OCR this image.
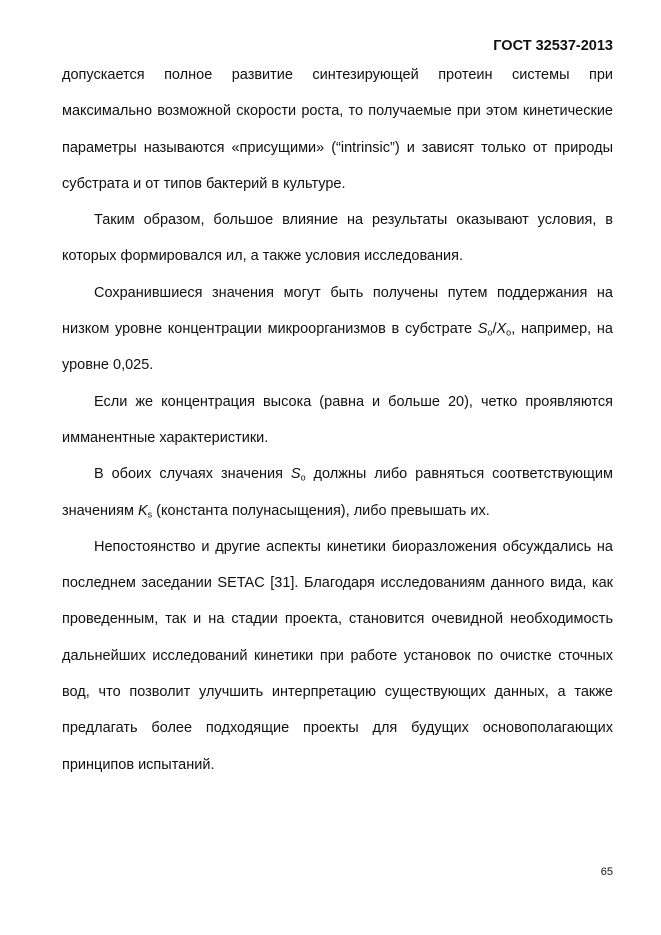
ГОСТ 32537-2013

допускается полное развитие синтезирующей протеин системы при максимально возможной скорости роста, то получаемые при этом кинетические параметры называются «присущими» (“intrinsic”) и зависят только от природы субстрата и от типов бактерий в культуре.

Таким образом, большое влияние на результаты оказывают условия, в которых формировался ил, а также условия исследования.

Сохранившиеся значения могут быть получены путем поддержания на низком уровне концентрации микроорганизмов в субстрате $S_o/X_o$, например, на уровне 0,025.

Если же концентрация высока (равна и больше 20), четко проявляются имманентные характеристики.

В обоих случаях значения $S_o$ должны либо равняться соответствующим значениям $K_s$ (константа полунасыщения), либо превышать их.

Непостоянство и другие аспекты кинетики биоразложения обсуждались на последнем заседании SETAC [31]. Благодаря исследованиям данного вида, как проведенным, так и на стадии проекта, становится очевидной необходимость дальнейших исследований кинетики при работе установок по очистке сточных вод, что позволит улучшить интерпретацию существующих данных, а также предлагать более подходящие проекты для будущих основополагающих принципов испытаний.

65
